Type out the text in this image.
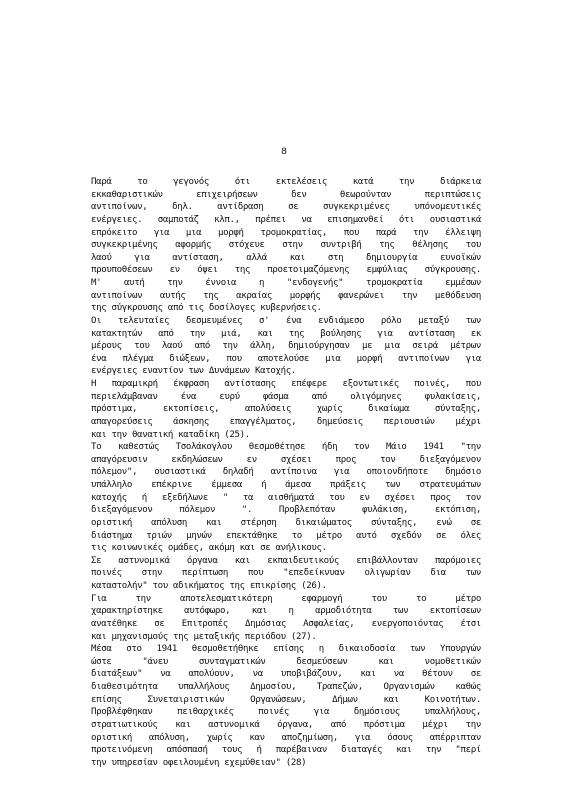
8
Παρά το γεγονός ότι εκτελέσεις κατά την διάρκεια
εκκαθαριστικών επιχειρήσεων δεν θεωρούνταν περιπτώσεις
αντιποίνων, δηλ. αντίδραση σε συγκεκριμένες υπόνομευτικές
ενέργειες. σαμποτάζ κλπ., πρέπει να επισημανθεί ότι ουσιαστικά
επρόκειτο για μια μορφή τρομοκρατίας, που παρά την έλλειψη
συγκεκριμένης αφορμής στόχευε στην συντριβή της θέλησης του
λαού για αντίσταση, αλλά και στη δημιουργία ευνοϊκών
προυποθέσεων εν όψει της προετοιμαζόμενης εμφύλιας σύγκρουσης.
Μ' αυτή την έννοια η "ενδογενής" τρομοκρατία εμμέσων
αντιποίνων αυτής της ακραίας μορφής φανερώνει την μεθόδευση
της σύγκρουσης από τις δοσίλογες κυβερνήσεις.
Οι τελευταίες δεσμευμένες σ' ένα ενδιάμεσο ρόλο μεταξύ των
κατακτητών από την μιά, και της βούλησης για αντίσταση εκ
μέρους του λαού από την άλλη, δημιούργησαν με μια σειρά μέτρων
ένα πλέγμα διώξεων, που αποτελούσε μια μορφή αντιποίνων για
ενέργειες εναντίον των Δυνάμεων Κατοχής.
Η παραμικρή έκφραση αντίστασης επέφερε εξοντωτικές ποινές, που
περιελάμβαναν ένα ευρύ φάσμα από ολιγόμηνες φυλακίσεις,
πρόστιμα, εκτοπίσεις, απολύσεις χωρίς δικαίωμα σύνταξης,
απαγορεύσεις άσκησης επαγγέλματος, δημεύσεις περιουσιών μέχρι
και την θανατική καταδίκη (25).
Το καθεστώς Τσολάκογλου θεσμοθέτησε ήδη τον Μάιο 1941 "την
απαγόρευσιν εκδηλώσεων εν σχέσει προς τον διεξαγόμενον
πόλεμον", ουσιαστικά δηλαδή αντίποινα για οποιονδήποτε δημόσιο
υπάλληλο επέκρινε έμμεσα ή άμεσα πράξεις των στρατευμάτων
κατοχής ή εξεδήλωνε " τα αισθήματά του εν σχέσει προς τον
διεξαγόμενον πόλεμον ". Προβλεπόταν φυλάκιση, εκτόπιση,
οριστική απόλυση και στέρηση δικαιώματος σύνταξης, ενώ σε
διάστημα τριών μηνών επεκτάθηκε το μέτρο αυτό σχεδόν σε όλες
τις κοινωνικές ομάδες, ακόμη και σε ανήλικους.
Σε αστυνομικά όργανα και εκπαιδευτικούς επιβάλλονταν παρόμοιες
ποινές στην περίπτωση που "επεδείκνυαν ολιγωρίαν δια των
καταστολήν" του αδικήματος της επικρίσης (26).
Για την αποτελεσματικότερη εφαρμογή του το μέτρο
χαρακτηρίστηκε αυτόφωρο, και η αρμοδιότητα των εκτοπίσεων
ανατέθηκε σε Επιτροπές Δημόσιας Ασφαλείας, ενεργοποιόντας έτσι
και μηχανισμούς της μεταξικής περιόδου (27).
Μέσα στο 1941 θεσμοθετήθηκε επίσης η δικαιοδοσία των Υπουργών
ώστε "άνευ συνταγματικών δεσμεύσεων και νομοθετικών
διατάξεων" να απολύουν, να υποβιβάζουν, και να θέτουν σε
διαθεσιμότητα υπαλλήλους Δημοσίου, Τραπεζών, Οργανισμών καθώς
επίσης Συνεταιριστικών Οργανώσεων, Δήμων και Κοινοτήτων.
Προβλέφθηκαν πειθαρχικές ποινές για δημόσιους υπαλλήλους,
στρατιωτικούς και αστυνομικά όργανα, από πρόστιμα μέχρι την
οριστική απόλυση, χωρίς καν αποζημίωση, για όσους απέρριπταν
προτεινόμενη απόσπασή τους ή παρέβαιναν διαταγές και την "περί
την υπηρεσίαν οφειλουμένη εχεμύθειαν" (28)
